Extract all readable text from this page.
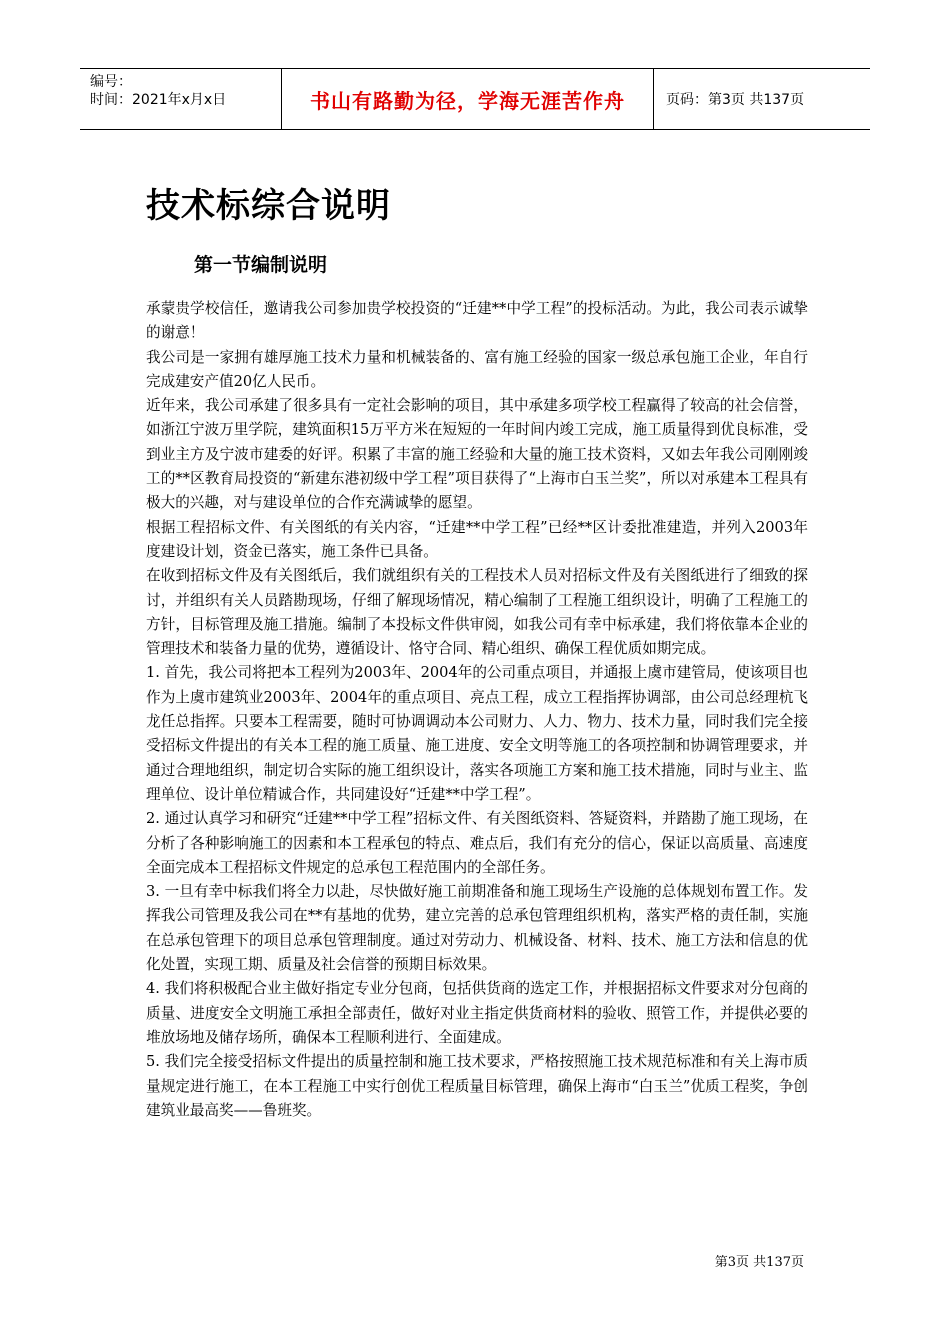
编号：
时间：2021年x月x日	书山有路勤为径，学海无涯苦作舟	页码：第3页 共137页
技术标综合说明
第一节编制说明

承蒙贵学校信任，邀请我公司参加贵学校投资的“迁建**中学工程”的投标活动。为此，我公司表示诚挚的谢意！

我公司是一家拥有雄厚施工技术力量和机械装备的、富有施工经验的国家一级总承包施工企业，年自行完成建安产值20亿人民币。

近年来，我公司承建了很多具有一定社会影响的项目，其中承建多项学校工程赢得了较高的社会信誉，如浙江宁波万里学院，建筑面积15万平方米在短短的一年时间内竣工完成，施工质量得到优良标准，受到业主方及宁波市建委的好评。积累了丰富的施工经验和大量的施工技术资料，又如去年我公司刚刚竣工的**区教育局投资的“新建东港初级中学工程”项目获得了“上海市白玉兰奖”，所以对承建本工程具有极大的兴趣，对与建设单位的合作充满诚挚的愿望。

根据工程招标文件、有关图纸的有关内容，“迁建**中学工程”已经**区计委批准建造，并列入2003年度建设计划，资金已落实，施工条件已具备。

在收到招标文件及有关图纸后，我们就组织有关的工程技术人员对招标文件及有关图纸进行了细致的探讨，并组织有关人员踏勘现场，仔细了解现场情况，精心编制了工程施工组织设计，明确了工程施工的方针，目标管理及施工措施。编制了本投标文件供审阅，如我公司有幸中标承建，我们将依靠本企业的管理技术和装备力量的优势，遵循设计、恪守合同、精心组织、确保工程优质如期完成。

1. 首先，我公司将把本工程列为2003年、2004年的公司重点项目，并通报上虞市建管局，使该项目也作为上虞市建筑业2003年、2004年的重点项目、亮点工程，成立工程指挥协调部，由公司总经理杭飞龙任总指挥。只要本工程需要，随时可协调调动本公司财力、人力、物力、技术力量，同时我们完全接受招标文件提出的有关本工程的施工质量、施工进度、安全文明等施工的各项控制和协调管理要求，并通过合理地组织，制定切合实际的施工组织设计，落实各项施工方案和施工技术措施，同时与业主、监理单位、设计单位精诚合作，共同建设好“迁建**中学工程”。

2. 通过认真学习和研究“迁建**中学工程”招标文件、有关图纸资料、答疑资料，并踏勘了施工现场，在分析了各种影响施工的因素和本工程承包的特点、难点后，我们有充分的信心，保证以高质量、高速度全面完成本工程招标文件规定的总承包工程范围内的全部任务。

3. 一旦有幸中标我们将全力以赴，尽快做好施工前期准备和施工现场生产设施的总体规划布置工作。发挥我公司管理及我公司在**有基地的优势，建立完善的总承包管理组织机构，落实严格的责任制，实施在总承包管理下的项目总承包管理制度。通过对劳动力、机械设备、材料、技术、施工方法和信息的优化处置，实现工期、质量及社会信誉的预期目标效果。

4. 我们将积极配合业主做好指定专业分包商，包括供货商的选定工作，并根据招标文件要求对分包商的质量、进度安全文明施工承担全部责任，做好对业主指定供货商材料的验收、照管工作，并提供必要的堆放场地及储存场所，确保本工程顺利进行、全面建成。

5. 我们完全接受招标文件提出的质量控制和施工技术要求，严格按照施工技术规范标准和有关上海市质量规定进行施工，在本工程施工中实行创优工程质量目标管理，确保上海市“白玉兰”优质工程奖，争创建筑业最高奖——鲁班奖。

第3页 共137页
